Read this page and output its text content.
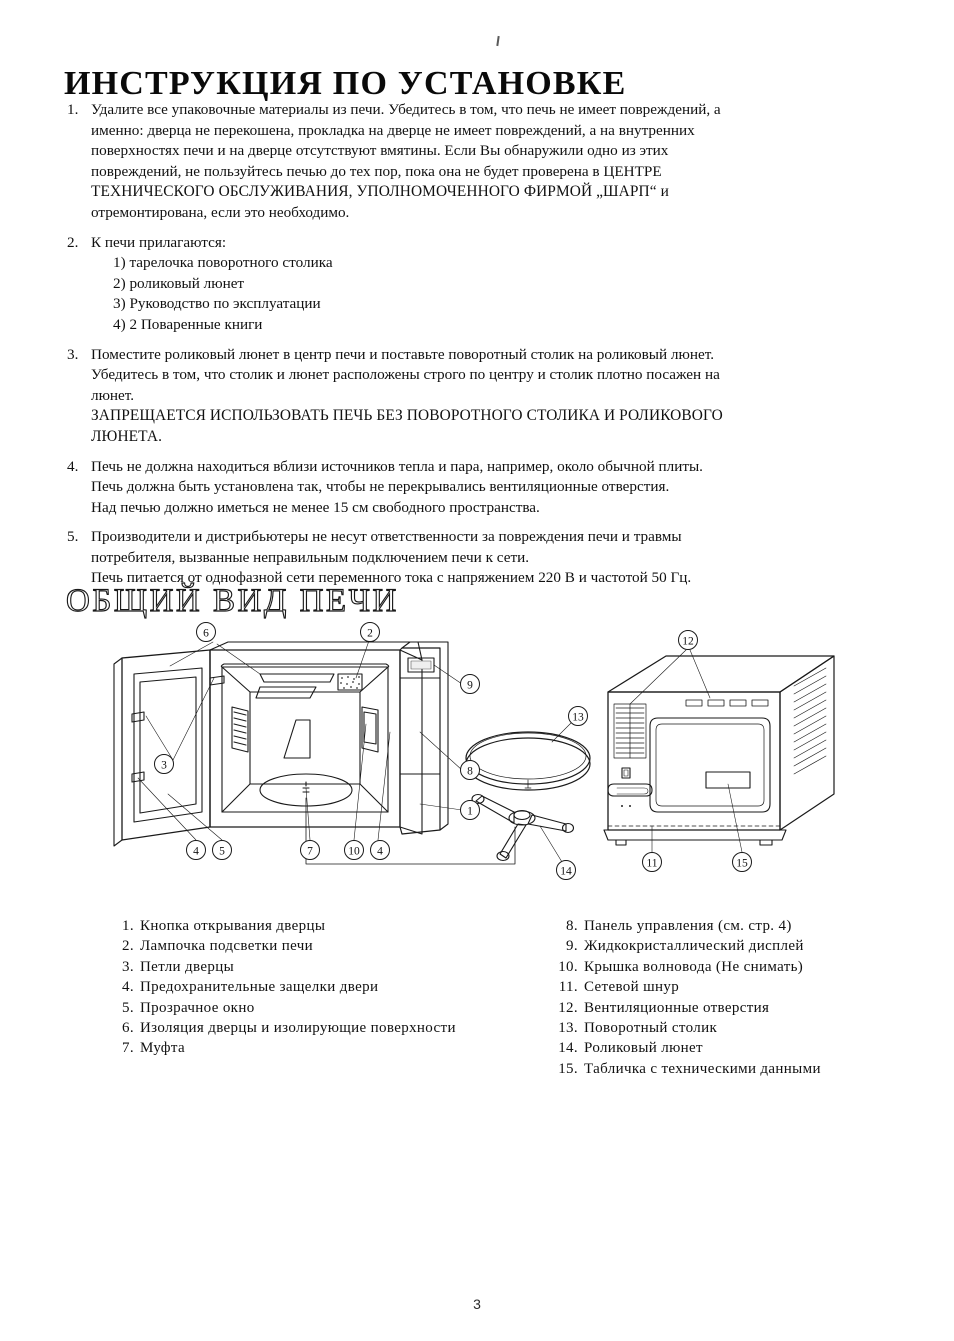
ИНСТРУКЦИЯ ПО УСТАНОВКЕ
1. Удалите все упаковочные материалы из печи. Убедитесь в том, что печь не имеет повреждений, а
именно: дверца не перекошена, прокладка на дверце не имеет повреждений, а на внутренних
поверхностях печи и на дверце отсутствуют вмятины. Если Вы обнаружили одно из этих
повреждений, не пользуйтесь печью до тех пор, пока она не будет проверена в ЦЕНТРЕ
ТЕХНИЧЕСКОГО ОБСЛУЖИВАНИЯ, УПОЛНОМОЧЕННОГО ФИРМОЙ „ШАРП“ и
отремонтирована, если это необходимо.
2. К печи прилагаются:
1) тарелочка поворотного столика
2) роликовый люнет
3) Руководство по эксплуатации
4) 2 Поваренные книги
3. Поместите роликовый люнет в центр печи и поставьте поворотный столик на роликовый люнет.
Убедитесь в том, что столик и люнет расположены строго по центру и столик плотно посажен на
люнет.
ЗАПРЕЩАЕТСЯ ИСПОЛЬЗОВАТЬ ПЕЧЬ БЕЗ ПОВОРОТНОГО СТОЛИКА И РОЛИКОВОГО
ЛЮНЕТА.
4. Печь не должна находиться вблизи источников тепла и пара, например, около обычной плиты.
Печь должна быть установлена так, чтобы не перекрывались вентиляционные отверстия.
Над печью должно иметься не менее 15 см свободного пространства.
5. Производители и дистрибьютеры не несут ответственности за повреждения печи и травмы
потребителя, вызванные неправильным подключением печи к сети.
Печь питается от однофазной сети переменного тока с напряжением 220 В и частотой 50 Гц.
ОБЩИЙ ВИД ПЕЧИ
6	2
9
8
1
3
4 5	7	10 4
13
14
12
11	15
1. Кнопка открывания дверцы
2. Лампочка подсветки печи
3. Петли дверцы
4. Предохранительные защелки двери
5. Прозрачное окно
6. Изоляция дверцы и изолирующие поверхности
7. Муфта
8. Панель управления (см. стр. 4)
9. Жидкокристаллический дисплей
10. Крышка волновода (Не снимать)
11. Сетевой шнур
12. Вентиляционные отверстия
13. Поворотный столик
14. Роликовый люнет
15. Табличка с техническими данными
3
